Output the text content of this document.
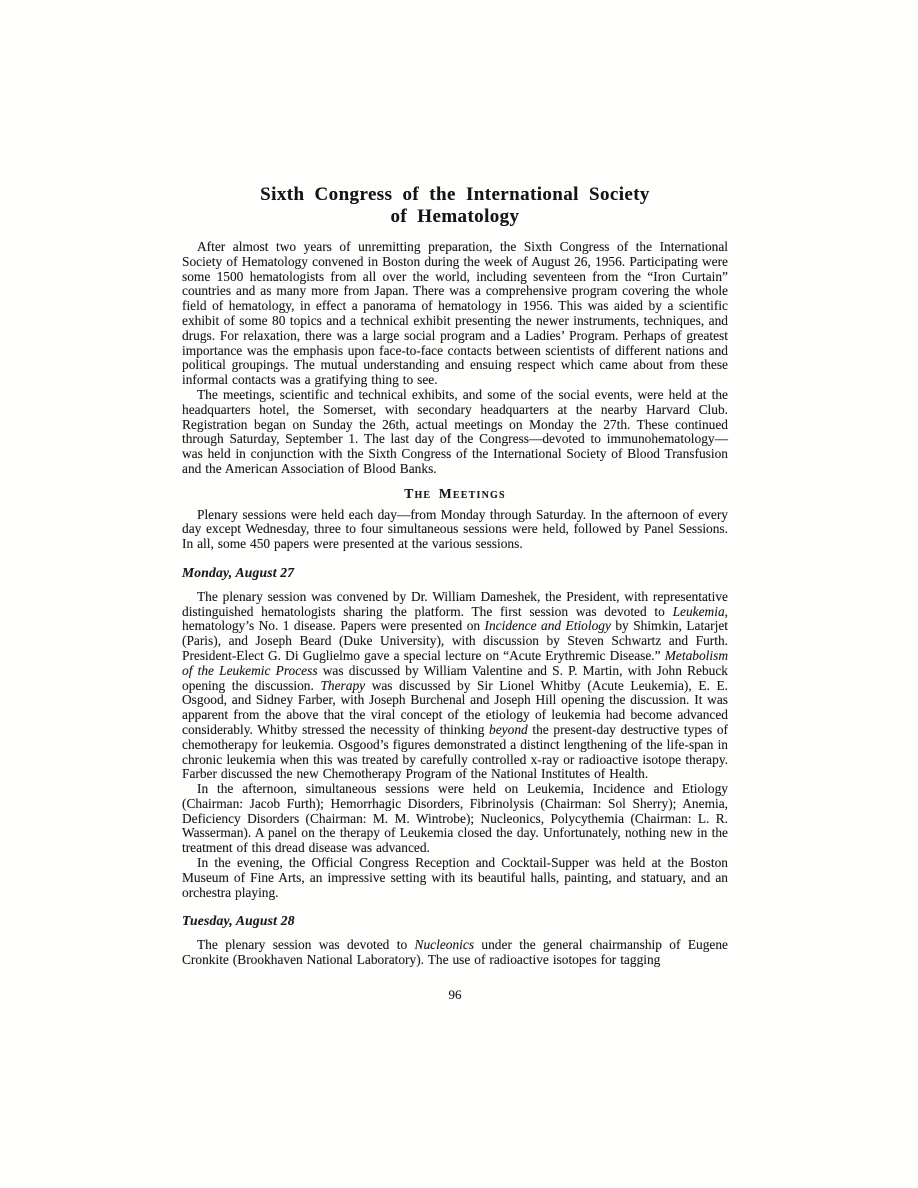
Sixth Congress of the International Society
of Hematology

After almost two years of unremitting preparation, the Sixth Congress of the International Society of Hematology convened in Boston during the week of August 26, 1956. Participating were some 1500 hematologists from all over the world, including seventeen from the “Iron Curtain” countries and as many more from Japan. There was a comprehensive program covering the whole field of hematology, in effect a panorama of hematology in 1956. This was aided by a scientific exhibit of some 80 topics and a technical exhibit presenting the newer instruments, techniques, and drugs. For relaxation, there was a large social program and a Ladies’ Program. Perhaps of greatest importance was the emphasis upon face-to-face contacts between scientists of different nations and political groupings. The mutual understanding and ensuing respect which came about from these informal contacts was a gratifying thing to see.

The meetings, scientific and technical exhibits, and some of the social events, were held at the headquarters hotel, the Somerset, with secondary headquarters at the nearby Harvard Club. Registration began on Sunday the 26th, actual meetings on Monday the 27th. These continued through Saturday, September 1. The last day of the Congress—devoted to immunohematology—was held in conjunction with the Sixth Congress of the International Society of Blood Transfusion and the American Association of Blood Banks.

The Meetings

Plenary sessions were held each day—from Monday through Saturday. In the afternoon of every day except Wednesday, three to four simultaneous sessions were held, followed by Panel Sessions. In all, some 450 papers were presented at the various sessions.

Monday, August 27

The plenary session was convened by Dr. William Dameshek, the President, with representative distinguished hematologists sharing the platform. The first session was devoted to Leukemia, hematology’s No. 1 disease. Papers were presented on Incidence and Etiology by Shimkin, Latarjet (Paris), and Joseph Beard (Duke University), with discussion by Steven Schwartz and Furth. President-Elect G. Di Guglielmo gave a special lecture on “Acute Erythremic Disease.” Metabolism of the Leukemic Process was discussed by William Valentine and S. P. Martin, with John Rebuck opening the discussion. Therapy was discussed by Sir Lionel Whitby (Acute Leukemia), E. E. Osgood, and Sidney Farber, with Joseph Burchenal and Joseph Hill opening the discussion. It was apparent from the above that the viral concept of the etiology of leukemia had become advanced considerably. Whitby stressed the necessity of thinking beyond the present-day destructive types of chemotherapy for leukemia. Osgood’s figures demonstrated a distinct lengthening of the life-span in chronic leukemia when this was treated by carefully controlled x-ray or radioactive isotope therapy. Farber discussed the new Chemotherapy Program of the National Institutes of Health.

In the afternoon, simultaneous sessions were held on Leukemia, Incidence and Etiology (Chairman: Jacob Furth); Hemorrhagic Disorders, Fibrinolysis (Chairman: Sol Sherry); Anemia, Deficiency Disorders (Chairman: M. M. Wintrobe); Nucleonics, Polycythemia (Chairman: L. R. Wasserman). A panel on the therapy of Leukemia closed the day. Unfortunately, nothing new in the treatment of this dread disease was advanced.

In the evening, the Official Congress Reception and Cocktail-Supper was held at the Boston Museum of Fine Arts, an impressive setting with its beautiful halls, painting, and statuary, and an orchestra playing.

Tuesday, August 28

The plenary session was devoted to Nucleonics under the general chairmanship of Eugene Cronkite (Brookhaven National Laboratory). The use of radioactive isotopes for tagging

96
